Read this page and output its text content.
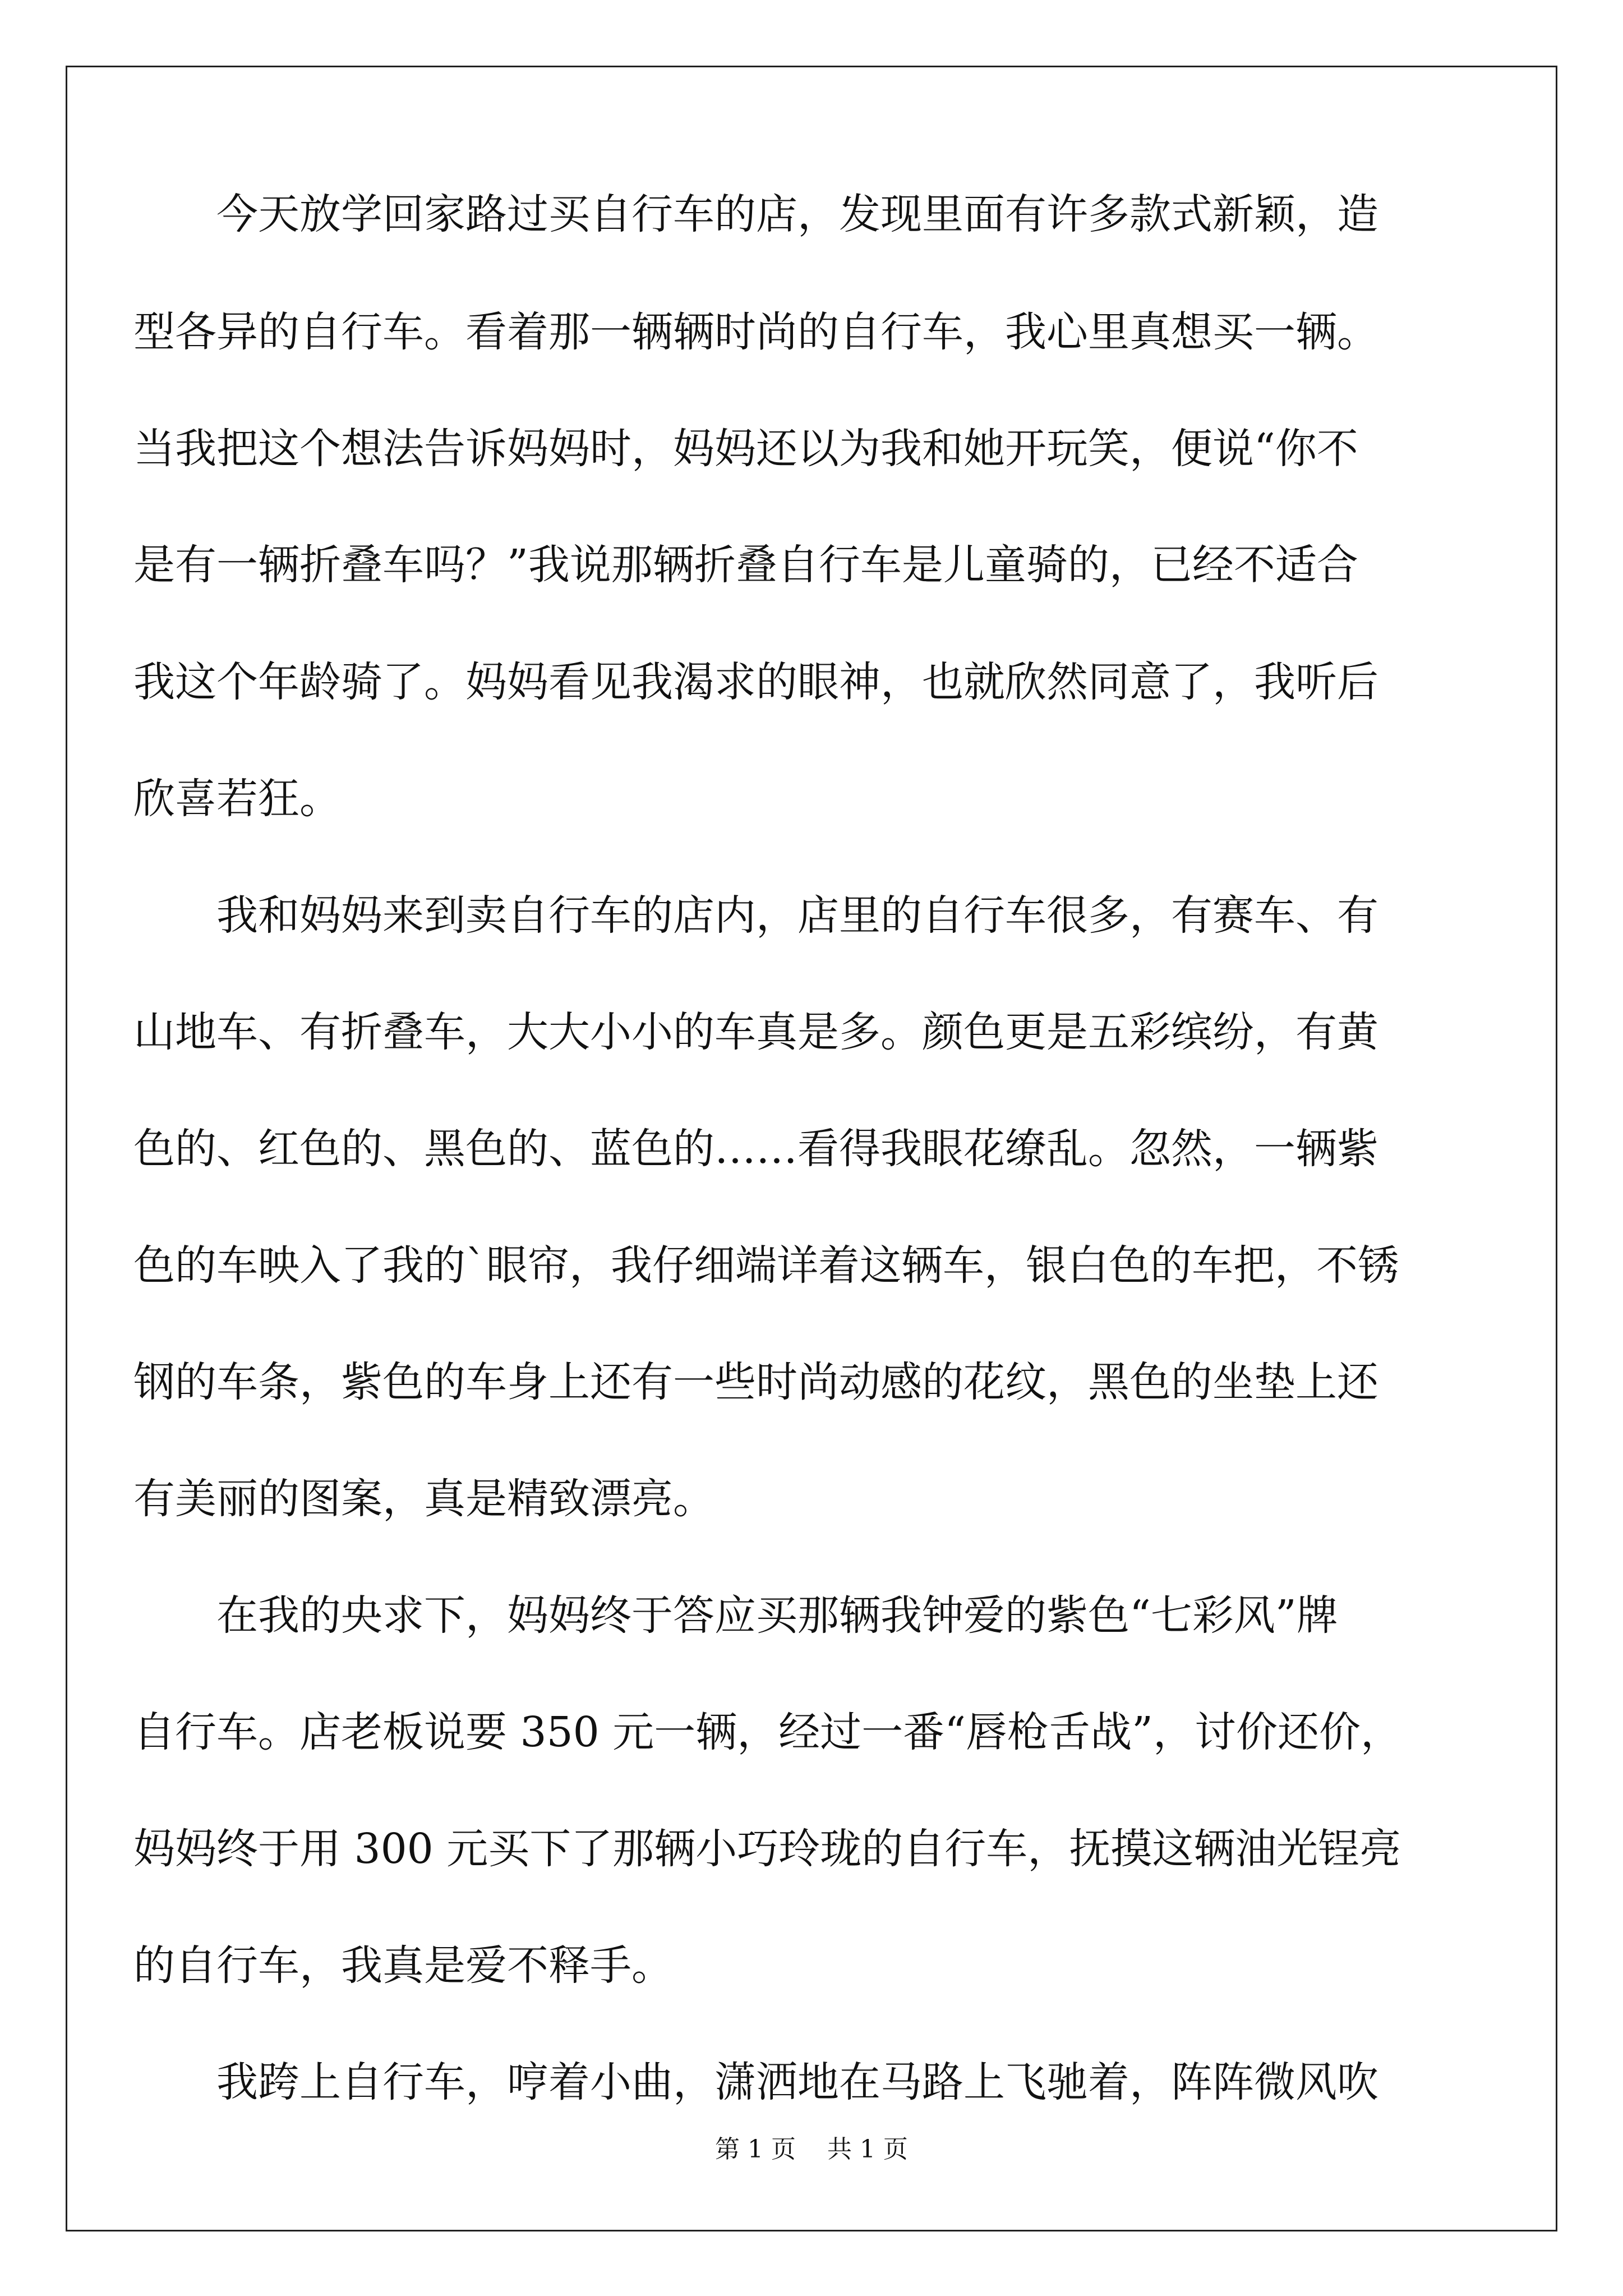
今天放学回家路过买自行车的店，发现里面有许多款式新颖，造
型各异的自行车。看着那一辆辆时尚的自行车，我心里真想买一辆。
当我把这个想法告诉妈妈时，妈妈还以为我和她开玩笑，便说“你不
是有一辆折叠车吗？”我说那辆折叠自行车是儿童骑的，已经不适合
我这个年龄骑了。妈妈看见我渴求的眼神，也就欣然同意了，我听后
欣喜若狂。
我和妈妈来到卖自行车的店内，店里的自行车很多，有赛车、有
山地车、有折叠车，大大小小的车真是多。颜色更是五彩缤纷，有黄
色的、红色的、黑色的、蓝色的……看得我眼花缭乱。忽然，一辆紫
色的车映入了我的`眼帘，我仔细端详着这辆车，银白色的车把，不锈
钢的车条，紫色的车身上还有一些时尚动感的花纹，黑色的坐垫上还
有美丽的图案，真是精致漂亮。
在我的央求下，妈妈终于答应买那辆我钟爱的紫色“七彩风”牌
自行车。店老板说要 350 元一辆，经过一番“唇枪舌战”，讨价还价，
妈妈终于用 300 元买下了那辆小巧玲珑的自行车，抚摸这辆油光锃亮
的自行车，我真是爱不释手。
我跨上自行车，哼着小曲，潇洒地在马路上飞驰着，阵阵微风吹
第 1 页    共 1 页
